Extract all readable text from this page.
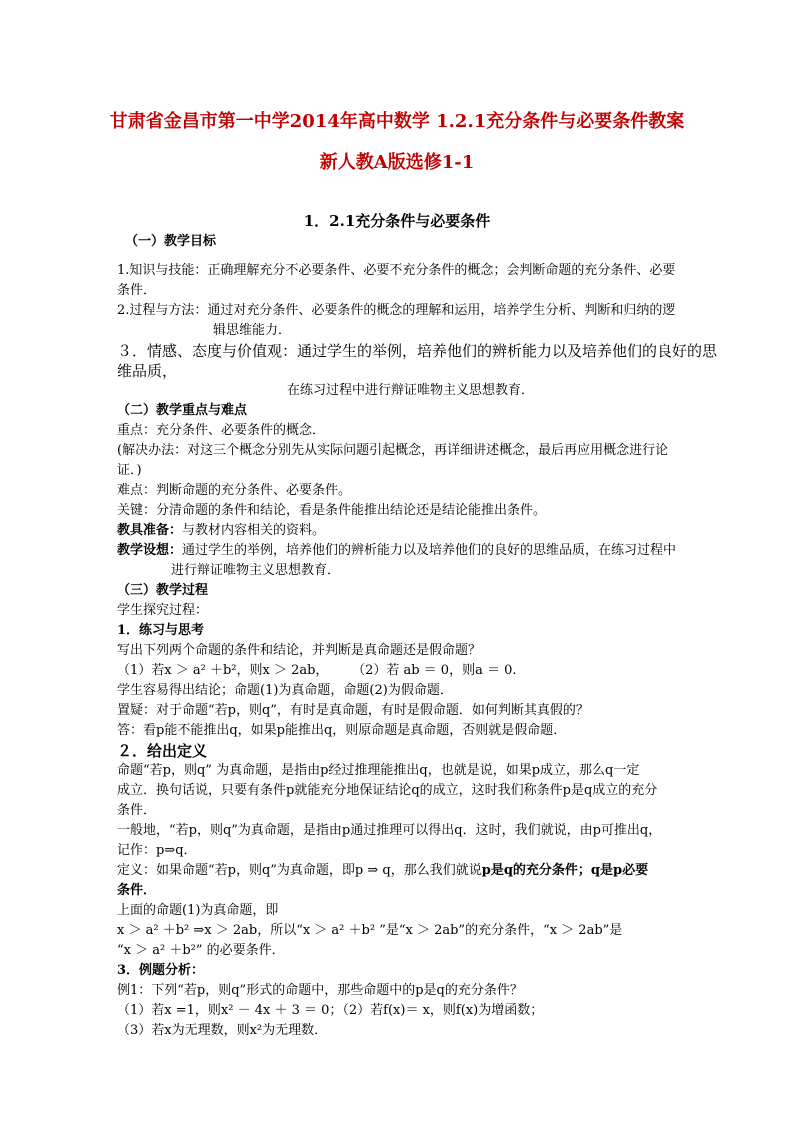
甘肃省金昌市第一中学2014年高中数学 1.2.1充分条件与必要条件教案
新人教A版选修1-1
1．2.1充分条件与必要条件

（一）教学目标

1.知识与技能：正确理解充分不必要条件、必要不充分条件的概念；会判断命题的充分条件、必要

条件．

2.过程与方法：通过对充分条件、必要条件的概念的理解和运用，培养学生分析、判断和归纳的逻

辑思维能力．

３．情感、态度与价值观：通过学生的举例，培养他们的辨析能力以及培养他们的良好的思维品质，

在练习过程中进行辩证唯物主义思想教育．

（二）教学重点与难点

重点：充分条件、必要条件的概念．

(解决办法：对这三个概念分别先从实际问题引起概念，再详细讲述概念，最后再应用概念进行论

证．)

难点：判断命题的充分条件、必要条件。

关键：分清命题的条件和结论，看是条件能推出结论还是结论能推出条件。

教具准备：与教材内容相关的资料。

教学设想：通过学生的举例，培养他们的辨析能力以及培养他们的良好的思维品质，在练习过程中

进行辩证唯物主义思想教育．

（三）教学过程

学生探究过程：

1．练习与思考

写出下列两个命题的条件和结论，并判断是真命题还是假命题？

（1）若x ＞ a² ＋b²，则x ＞ 2ab，　　 （2）若 ab ＝ 0，则a ＝ 0.

学生容易得出结论；命题(1)为真命题，命题(2)为假命题．

置疑：对于命题“若p，则q”，有时是真命题，有时是假命题．如何判断其真假的？

答：看p能不能推出q，如果p能推出q，则原命题是真命题，否则就是假命题．

２．给出定义

命题“若p，则q” 为真命题，是指由p经过推理能推出q，也就是说，如果p成立，那么q一定

成立．换句话说，只要有条件p就能充分地保证结论q的成立，这时我们称条件p是q成立的充分

条件．

一般地，“若p，则q”为真命题，是指由p通过推理可以得出q．这时，我们就说，由p可推出q，

记作：p⇒q．

定义：如果命题“若p，则q”为真命题，即p ⇒ q，那么我们就说p是q的充分条件；q是p必要

条件．

上面的命题(1)为真命题，即

x ＞ a² ＋b² ⇒x ＞ 2ab，所以“x ＞ a² ＋b² ”是“x ＞ 2ab”的充分条件，“x ＞ 2ab”是

“x ＞ a² ＋b²” 的必要条件．

3．例题分析：

例1：下列“若p，则q”形式的命题中，那些命题中的p是q的充分条件？

（1）若x =1，则x² － 4x ＋ 3 ＝ 0；（2）若f(x)＝ x，则f(x)为增函数；

（3）若x为无理数，则x²为无理数．
